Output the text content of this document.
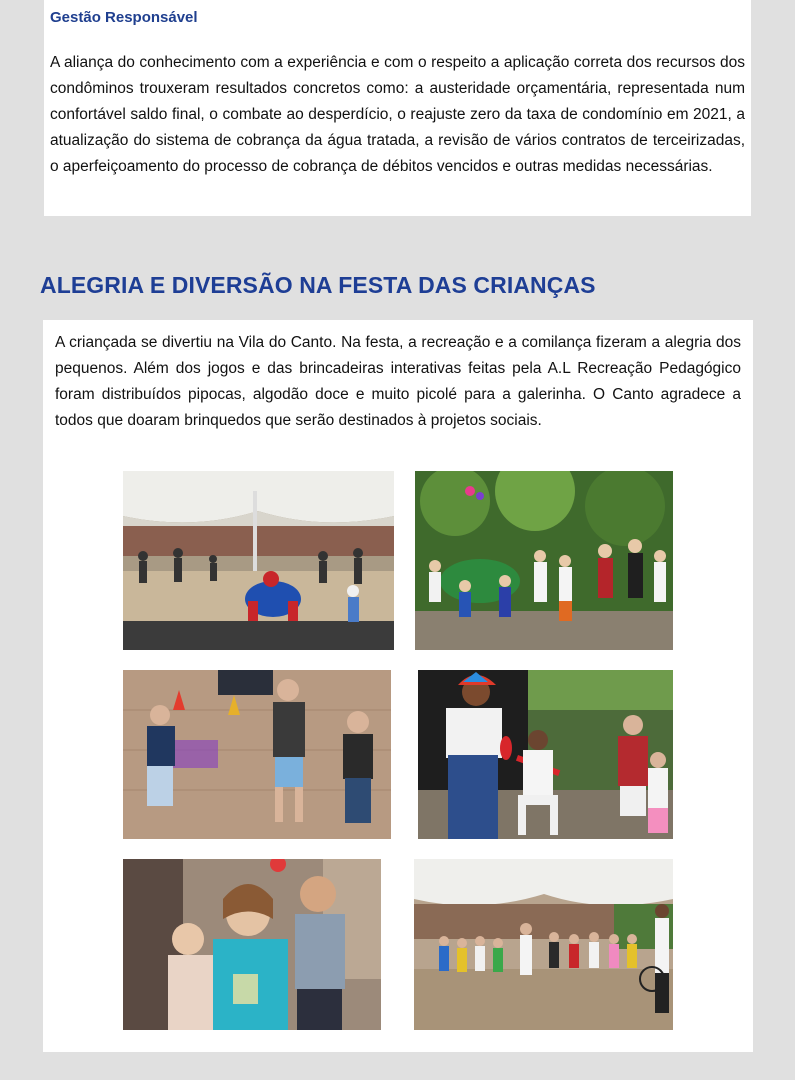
Gestão Responsável

A aliança do conhecimento com a experiência e com o respeito a aplicação correta dos recursos dos condôminos trouxeram resultados concretos como: a austeridade orçamentária, representada num confortável saldo final, o combate ao desperdício, o reajuste zero da taxa de condomínio em 2021, a atualização do sistema de cobrança da água tratada, a revisão de vários contratos de terceirizadas, o aperfeiçoamento do processo de cobrança de débitos vencidos e outras medidas necessárias.

ALEGRIA E DIVERSÃO NA FESTA DAS CRIANÇAS

A criançada se divertiu na Vila do Canto. Na festa, a recreação e a comilança fizeram a alegria dos pequenos. Além dos jogos e das brincadeiras interativas feitas pela A.L Recreação Pedagógico foram distribuídos pipocas, algodão doce e muito picolé para a galerinha. O Canto agradece a todos que doaram brinquedos que serão destinados à projetos sociais.
